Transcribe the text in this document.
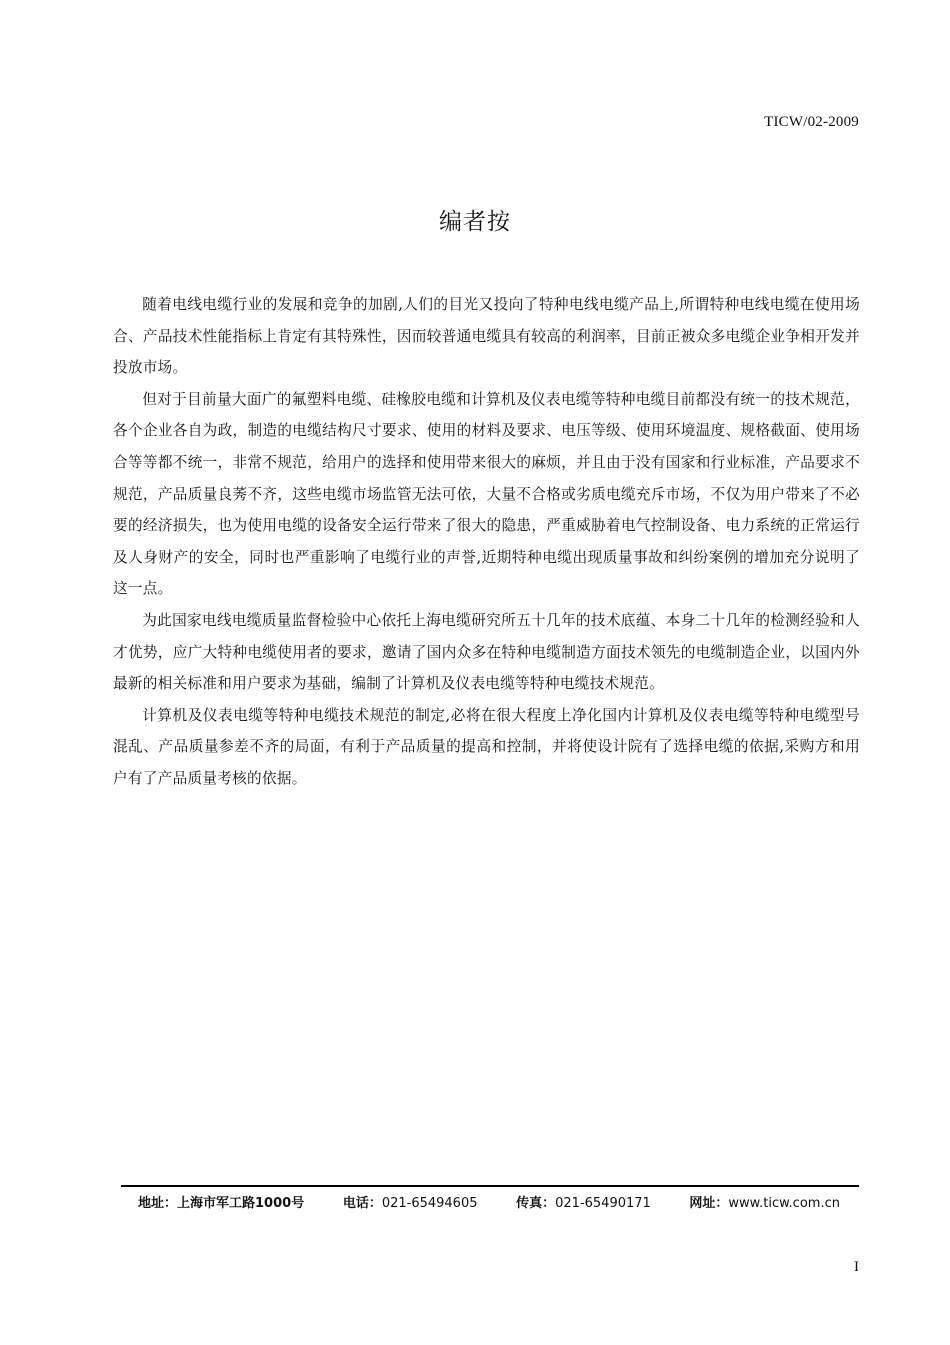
TICW/02-2009
编者按

随着电线电缆行业的发展和竞争的加剧,人们的目光又投向了特种电线电缆产品上,所谓特种电线电缆在使用场合、产品技术性能指标上肯定有其特殊性，因而较普通电缆具有较高的利润率，目前正被众多电缆企业争相开发并投放市场。

但对于目前量大面广的氟塑料电缆、硅橡胶电缆和计算机及仪表电缆等特种电缆目前都没有统一的技术规范，各个企业各自为政，制造的电缆结构尺寸要求、使用的材料及要求、电压等级、使用环境温度、规格截面、使用场合等等都不统一，非常不规范，给用户的选择和使用带来很大的麻烦，并且由于没有国家和行业标准，产品要求不规范，产品质量良莠不齐，这些电缆市场监管无法可依，大量不合格或劣质电缆充斥市场，不仅为用户带来了不必要的经济损失，也为使用电缆的设备安全运行带来了很大的隐患，严重威胁着电气控制设备、电力系统的正常运行及人身财产的安全，同时也严重影响了电缆行业的声誉,近期特种电缆出现质量事故和纠纷案例的增加充分说明了这一点。

为此国家电线电缆质量监督检验中心依托上海电缆研究所五十几年的技术底蕴、本身二十几年的检测经验和人才优势，应广大特种电缆使用者的要求，邀请了国内众多在特种电缆制造方面技术领先的电缆制造企业，以国内外最新的相关标准和用户要求为基础，编制了计算机及仪表电缆等特种电缆技术规范。

计算机及仪表电缆等特种电缆技术规范的制定,必将在很大程度上净化国内计算机及仪表电缆等特种电缆型号混乱、产品质量参差不齐的局面，有利于产品质量的提高和控制，并将使设计院有了选择电缆的依据,采购方和用户有了产品质量考核的依据。

地址：上海市军工路1000号	电话：021-65494605	传真：021-65490171	网址：www.ticw.com.cn
I
